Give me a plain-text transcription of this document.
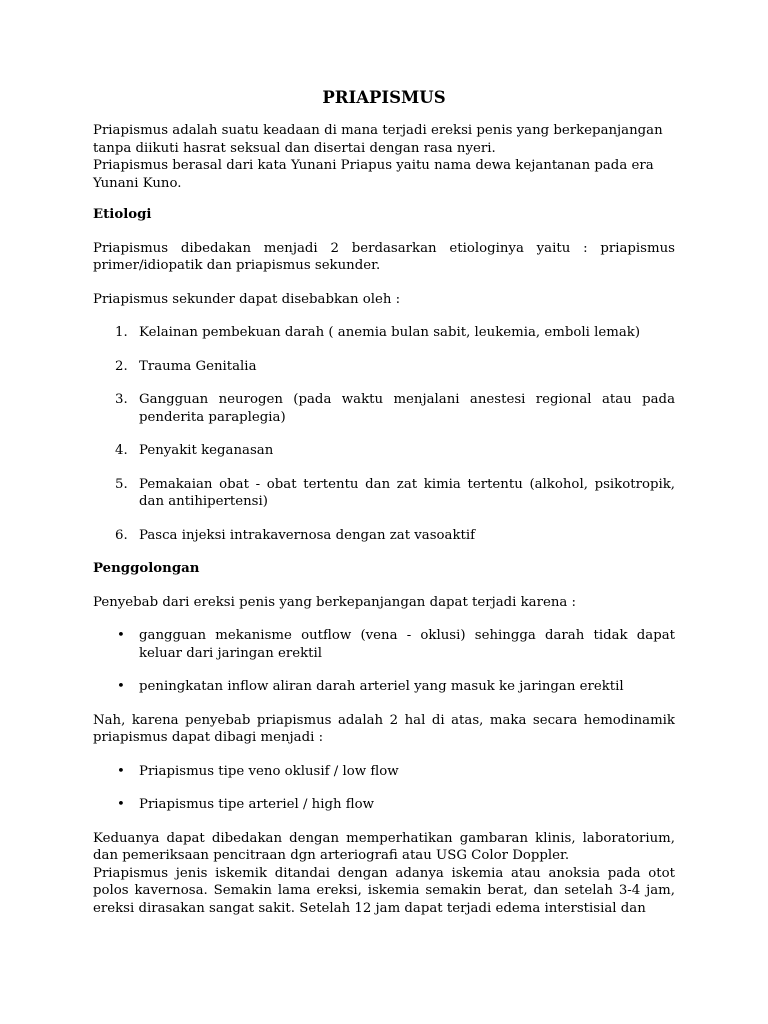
PRIAPISMUS

Priapismus adalah suatu keadaan di mana terjadi ereksi penis yang berkepanjangan tanpa diikuti hasrat seksual dan disertai dengan rasa nyeri.

Priapismus berasal dari kata Yunani Priapus yaitu nama dewa kejantanan pada era Yunani Kuno.

Etiologi
Priapismus dibedakan menjadi 2 berdasarkan etiologinya yaitu : priapismus primer/idiopatik dan priapismus sekunder.
Priapismus sekunder dapat disebabkan oleh :
1. Kelainan pembekuan darah ( anemia bulan sabit, leukemia, emboli lemak)
2. Trauma Genitalia
3. Gangguan neurogen (pada waktu menjalani anestesi regional atau pada penderita paraplegia)
4. Penyakit keganasan
5. Pemakaian obat - obat tertentu dan zat kimia tertentu (alkohol, psikotropik, dan antihipertensi)
6. Pasca injeksi intrakavernosa dengan zat vasoaktif
Penggolongan
Penyebab dari ereksi penis yang berkepanjangan dapat terjadi karena :
•	gangguan mekanisme outflow (vena - oklusi) sehingga darah tidak dapat keluar dari jaringan erektil
•	peningkatan inflow aliran darah arteriel yang masuk ke jaringan erektil
Nah, karena penyebab priapismus adalah 2 hal di atas, maka secara hemodinamik priapismus dapat dibagi menjadi :
•	Priapismus tipe veno oklusif / low flow
•	Priapismus tipe arteriel / high flow

Keduanya dapat dibedakan dengan memperhatikan gambaran klinis, laboratorium, dan pemeriksaan pencitraan dgn arteriografi atau USG Color Doppler.

Priapismus jenis iskemik ditandai dengan adanya iskemia atau anoksia pada otot polos kavernosa. Semakin lama ereksi, iskemia semakin berat, dan setelah 3-4 jam, ereksi dirasakan sangat sakit. Setelah 12 jam dapat terjadi edema interstisial dan
